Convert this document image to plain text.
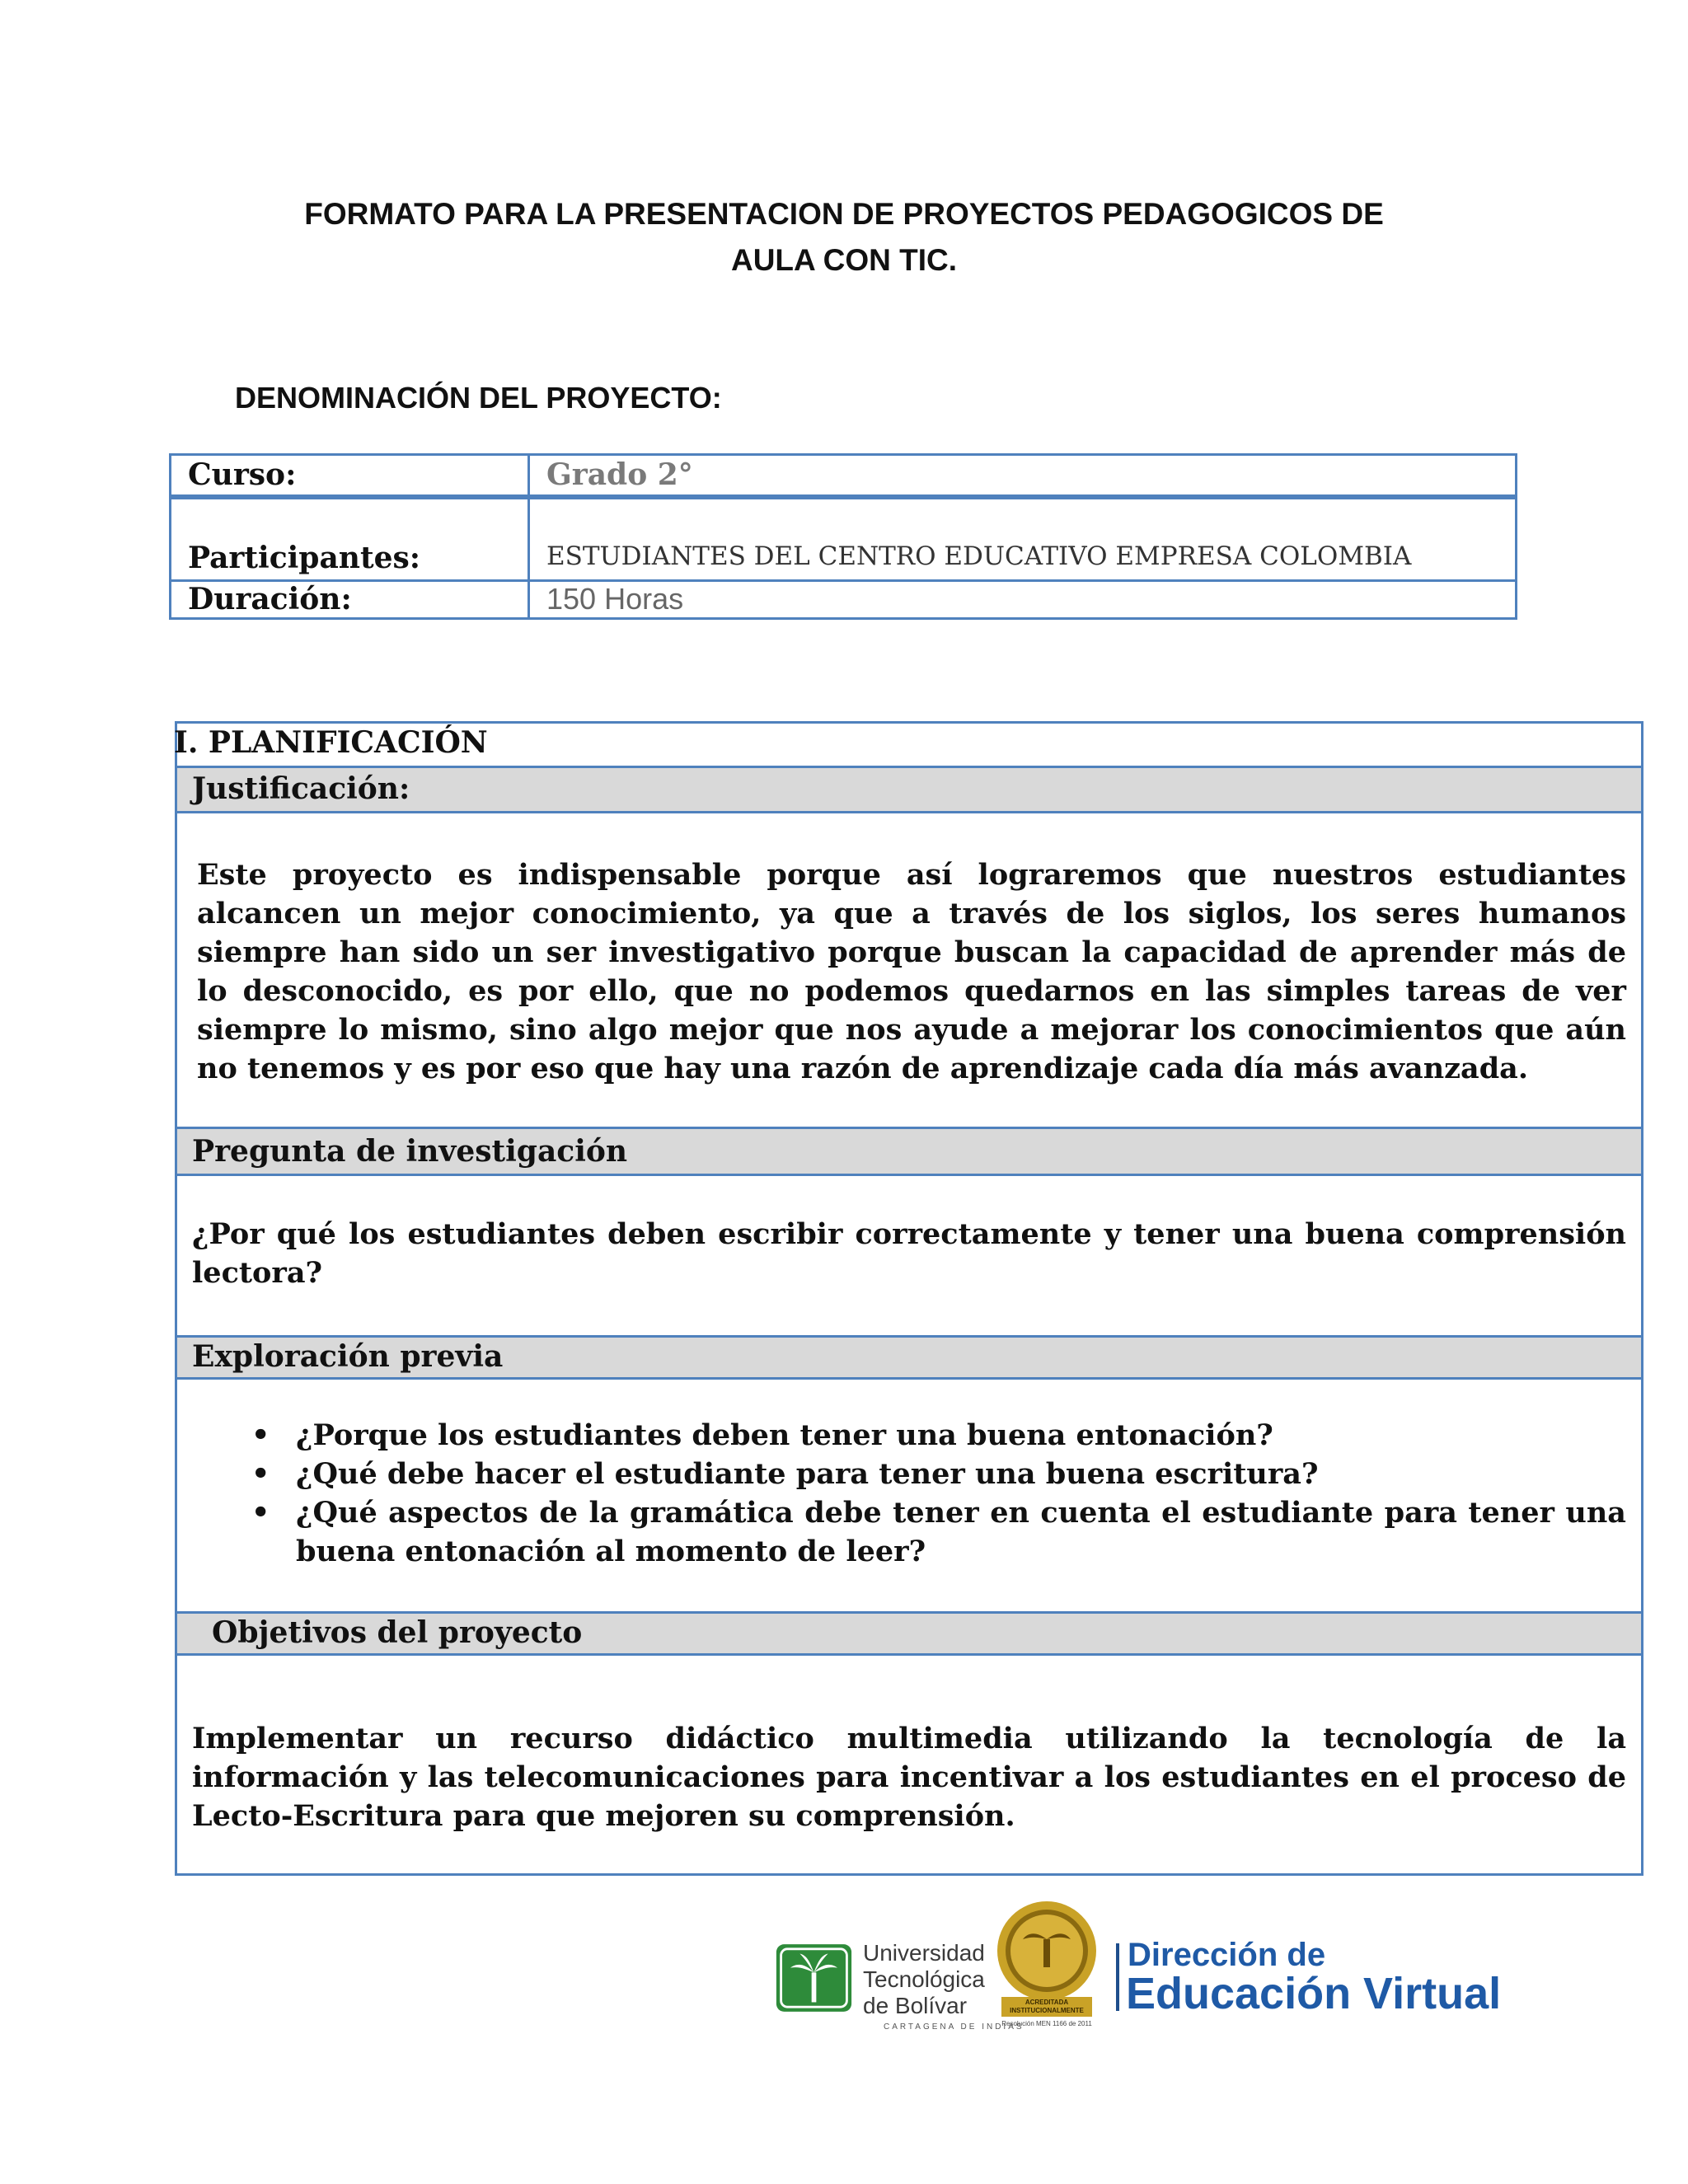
FORMATO PARA LA PRESENTACION DE PROYECTOS PEDAGOGICOS DE
AULA CON TIC.
DENOMINACIÓN DEL PROYECTO:
Curso:	Grado 2°
Participantes:	ESTUDIANTES DEL CENTRO EDUCATIVO EMPRESA COLOMBIA
Duración:	150 Horas
I. PLANIFICACIÓN
Justificación:
Este proyecto es indispensable porque así lograremos que nuestros estudiantes alcancen un mejor conocimiento, ya que a través de los siglos, los seres humanos siempre han sido un ser investigativo porque buscan la capacidad de aprender más de lo desconocido, es por ello, que no podemos quedarnos en las simples tareas de ver siempre lo mismo, sino algo mejor que nos ayude a mejorar los conocimientos que aún no tenemos y es por eso que hay una razón de aprendizaje cada día más avanzada.
Pregunta de investigación
¿Por qué los estudiantes deben escribir correctamente y tener una buena comprensión lectora?
Exploración previa
• ¿Porque los estudiantes deben tener una buena entonación?
• ¿Qué debe hacer el estudiante para tener una buena escritura?
• ¿Qué aspectos de la gramática debe tener en cuenta el estudiante para tener una buena entonación al momento de leer?
Objetivos del proyecto
Implementar un recurso didáctico multimedia utilizando la tecnología de la información y las telecomunicaciones para incentivar a los estudiantes en el proceso de Lecto-Escritura para que mejoren su comprensión.
Universidad
Tecnológica
de Bolívar
CARTAGENA DE INDIAS
ACREDITADA INSTITUCIONALMENTE
Resolución MEN 1166 de 2011
Dirección de
Educación Virtual
